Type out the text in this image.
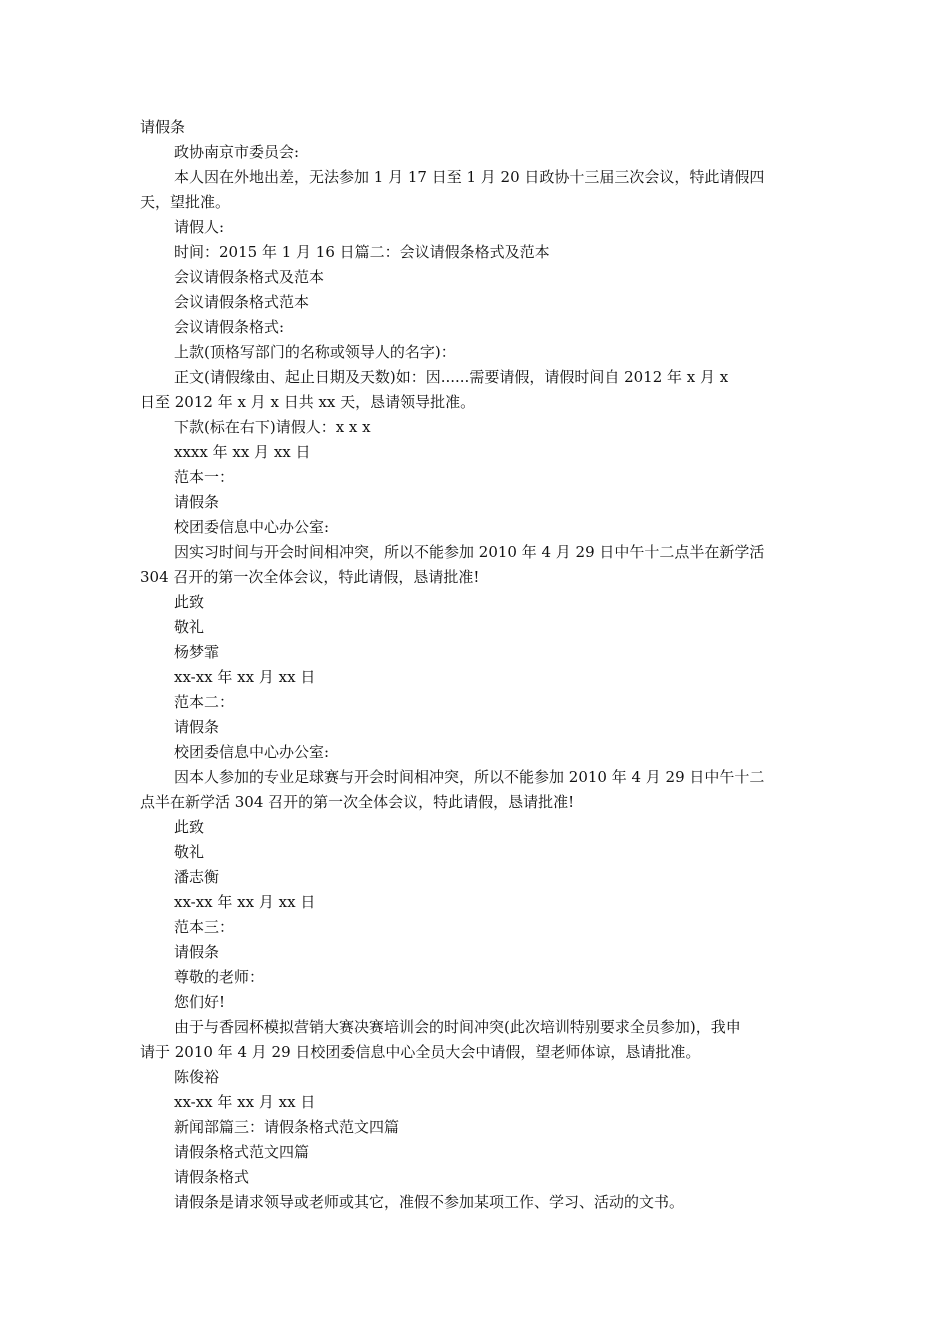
请假条
政协南京市委员会:
本人因在外地出差，无法参加 1 月 17 日至 1 月 20 日政协十三届三次会议，特此请假四
天，望批准。
请假人:
时间：2015 年 1 月 16 日篇二：会议请假条格式及范本
会议请假条格式及范本
会议请假条格式范本
会议请假条格式:
上款(顶格写部门的名称或领导人的名字)：
正文(请假缘由、起止日期及天数)如：因......需要请假，请假时间自 2012 年 x 月 x
日至 2012 年 x 月 x 日共 xx 天，恳请领导批准。
下款(标在右下)请假人：x x x
xxxx 年 xx 月 xx 日
范本一：
请假条
校团委信息中心办公室:
因实习时间与开会时间相冲突，所以不能参加 2010 年 4 月 29 日中午十二点半在新学活
304 召开的第一次全体会议，特此请假，恳请批准!
此致
敬礼
杨梦霏
xx-xx 年 xx 月 xx 日
范本二：
请假条
校团委信息中心办公室:
因本人参加的专业足球赛与开会时间相冲突，所以不能参加 2010 年 4 月 29 日中午十二
点半在新学活 304 召开的第一次全体会议，特此请假，恳请批准!
此致
敬礼
潘志衡
xx-xx 年 xx 月 xx 日
范本三：
请假条
尊敬的老师：
您们好!
由于与香园杯模拟营销大赛决赛培训会的时间冲突(此次培训特别要求全员参加)，我申
请于 2010 年 4 月 29 日校团委信息中心全员大会中请假，望老师体谅，恳请批准。
陈俊裕
xx-xx 年 xx 月 xx 日
新闻部篇三：请假条格式范文四篇
请假条格式范文四篇
请假条格式
请假条是请求领导或老师或其它，准假不参加某项工作、学习、活动的文书。
